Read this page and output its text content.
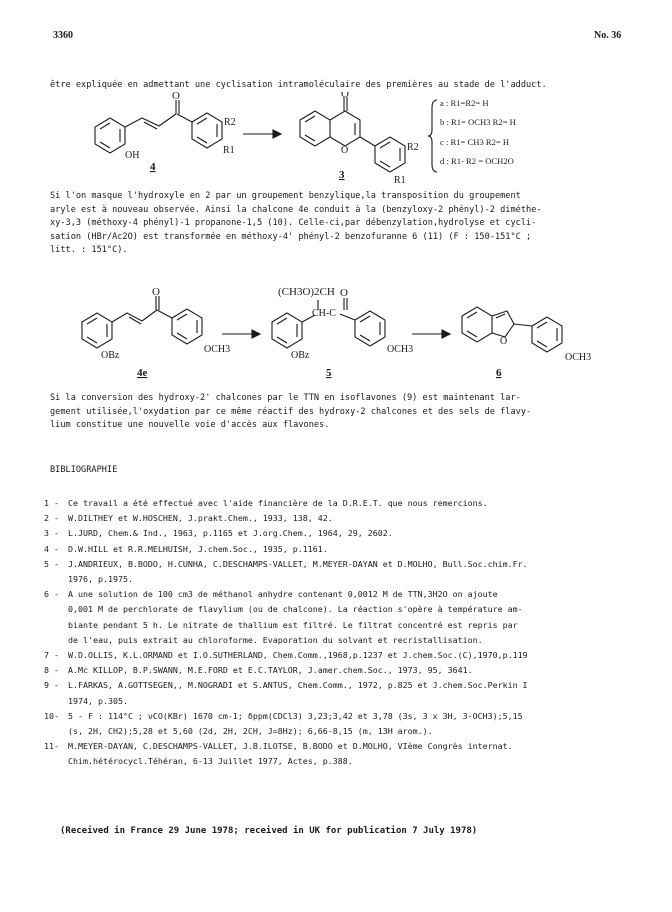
3360	No. 36
être expliquée en admettant une cyclisation intramoléculaire des premières au stade de l'adduct.
O
OH
R2
R1
4
O
O	R2
R1
3
a : R1=R2= H
b : R1= OCH3 R2= H
c : R1= CH3 R2= H
d : R1- R2 = OCH2O

Si l'on masque l'hydroxyle en 2 par un groupement benzylique,la transposition du groupement

aryle est à nouveau observée. Ainsi la chalcone 4e conduit à la (benzyloxy-2 phényl)-2 diméthe-

xy-3,3 (méthoxy-4 phényl)-1 propanone-1,5 (10). Celle-ci,par débenzylation,hydrolyse et cycli-

sation (HBr/Ac2O) est transformée en méthoxy-4' phényl-2 benzofuranne 6 (11) (F : 150-151°C ;

litt. : 151°C).

O
OBz
OCH3
4e
(CH3O)2CH
CH-C
O
OBz
OCH3
5
O
OCH3
6

Si la conversion des hydroxy-2' chalcones par le TTN en isoflavones (9) est maintenant lar-

gement utilisée,l'oxydation par ce même réactif des hydroxy-2 chalcones et des sels de flavy-

lium constitue une nouvelle voie d'accès aux flavones.

BIBLIOGRAPHIE
1 -	Ce travail a été effectué avec l'aide financière de la D.R.E.T. que nous remercions.
2 -	W.DILTHEY et W.HOSCHEN, J.prakt.Chem., 1933, 138, 42.
3 -	L.JURD, Chem.& Ind., 1963, p.1165 et J.org.Chem., 1964, 29, 2602.
4 -	D.W.HILL et R.R.MELHUISH, J.chem.Soc., 1935, p.1161.
5 -	J.ANDRIEUX, B.BODO, H.CUNHA, C.DESCHAMPS-VALLET, M.MEYER-DAYAN et D.MOLHO, Bull.Soc.chim.Fr.
1976, p.1975.
6 -	A une solution de 100 cm3 de méthanol anhydre contenant 0,0012 M de TTN,3H2O on ajoute
0,001 M de perchlorate de flavylium (ou de chalcone). La réaction s'opère à température am-
biante pendant 5 h. Le nitrate de thallium est filtré. Le filtrat concentré est repris par
de l'eau, puis extrait au chloroforme. Evaporation du solvant et recristallisation.
7 -	W.D.OLLIS, K.L.ORMAND et I.O.SUTHERLAND, Chem.Comm.,1968,p.1237 et J.chem.Soc.(C),1970,p.119
8 -	A.Mc KILLOP, B.P.SWANN, M.E.FORD et E.C.TAYLOR, J.amer.chem.Soc., 1973, 95, 3641.
9 -	L.FARKAS, A.GOTTSEGEN,, M.NOGRADI et S.ANTUS, Chem.Comm., 1972, p.825 et J.chem.Soc.Perkin I
1974, p.305.
10-	5 - F : 114°C ; νCO(KBr) 1670 cm-1; δppm(CDCl3) 3,23;3,42 et 3,78 (3s, 3 x 3H, 3-OCH3);5,15
(s, 2H, CH2);5,28 et 5,60 (2d, 2H, 2CH, J=8Hz); 6,66-8,15 (m, 13H arom.).
11-	M.MEYER-DAYAN, C.DESCHAMPS-VALLET, J.B.ILOTSE, B.BODO et D.MOLHO, VIème Congrès internat.
Chim.hétérocycl.Téhéran, 6-13 Juillet 1977, Actes, p.388.
(Received in France 29 June 1978; received in UK for publication 7 July 1978)
